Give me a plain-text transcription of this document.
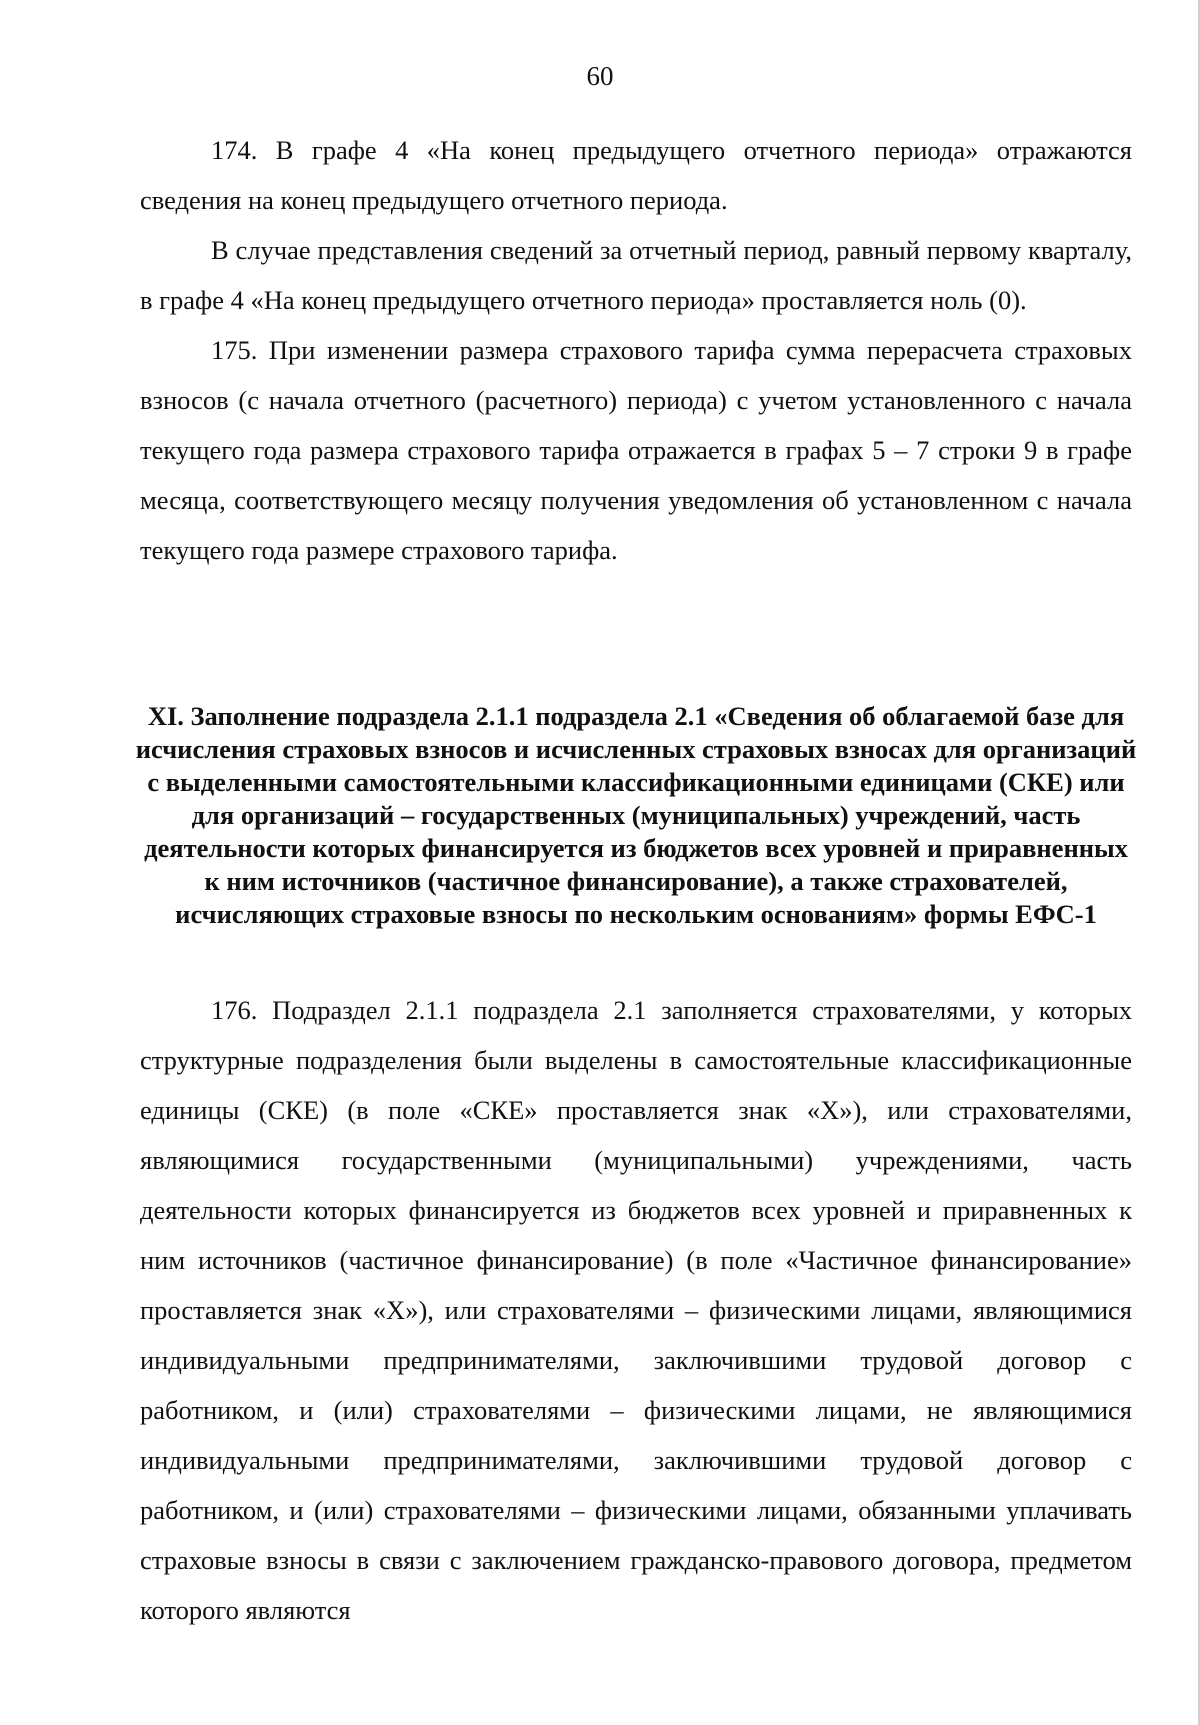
60

174. В графе 4 «На конец предыдущего отчетного периода» отражаются сведения на конец предыдущего отчетного периода.

В случае представления сведений за отчетный период, равный первому кварталу, в графе 4 «На конец предыдущего отчетного периода» проставляется ноль (0).

175. При изменении размера страхового тарифа сумма перерасчета страховых взносов (с начала отчетного (расчетного) периода) с учетом установленного с начала текущего года размера страхового тарифа отражается в графах 5 – 7 строки 9 в графе месяца, соответствующего месяцу получения уведомления об установленном с начала текущего года размере страхового тарифа.

XI. Заполнение подраздела 2.1.1 подраздела 2.1 «Сведения об облагаемой базе для исчисления страховых взносов и исчисленных страховых взносах для организаций с выделенными самостоятельными классификационными единицами (СКЕ) или для организаций – государственных (муниципальных) учреждений, часть деятельности которых финансируется из бюджетов всех уровней и приравненных к ним источников (частичное финансирование), а также страхователей, исчисляющих страховые взносы по нескольким основаниям» формы ЕФС-1

176. Подраздел 2.1.1 подраздела 2.1 заполняется страхователями, у которых структурные подразделения были выделены в самостоятельные классификационные единицы (СКЕ) (в поле «СКЕ» проставляется знак «Х»), или страхователями, являющимися государственными (муниципальными) учреждениями, часть деятельности которых финансируется из бюджетов всех уровней и приравненных к ним источников (частичное финансирование) (в поле «Частичное финансирование» проставляется знак «Х»), или страхователями – физическими лицами, являющимися индивидуальными предпринимателями, заключившими трудовой договор с работником, и (или) страхователями – физическими лицами, не являющимися индивидуальными предпринимателями, заключившими трудовой договор с работником, и (или) страхователями – физическими лицами, обязанными уплачивать страховые взносы в связи с заключением гражданско-правового договора, предметом которого являются
